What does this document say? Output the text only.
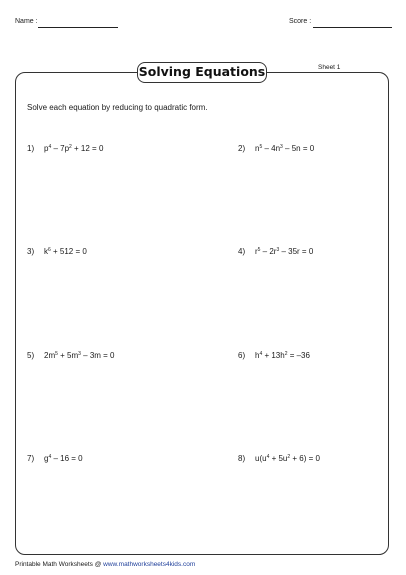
Name :	Score :
Solving Equations	Sheet 1
Solve each equation by reducing to quadratic form.
1) $p^4 - 7p^2 + 12 = 0$	2) $n^5 - 4n^3 - 5n = 0$
3) $k^6 + 512 = 0$	4) $r^5 - 2r^3 - 35r = 0$
5) $2m^5 + 5m^3 - 3m = 0$	6) $h^4 + 13h^2 = -36$
7) $g^4 - 16 = 0$	8) $u(u^4 + 5u^2 + 6) = 0$
Printable Math Worksheets @ www.mathworksheets4kids.com
